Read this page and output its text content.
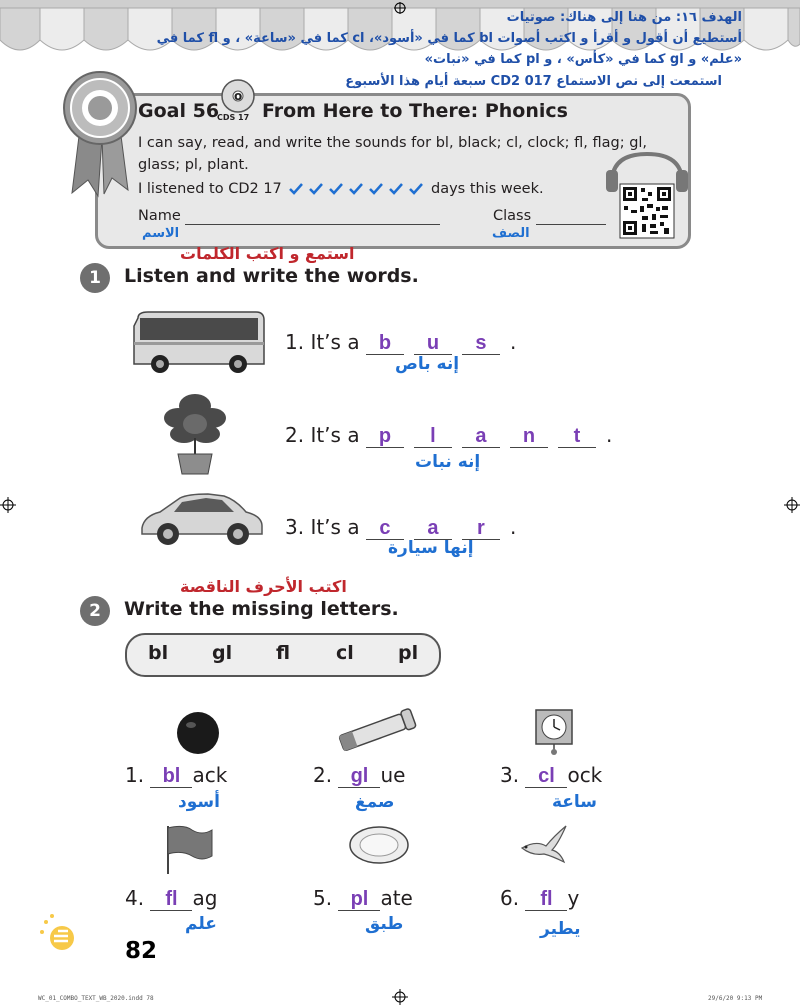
الهدف ١٦: من هنا إلى هناك: صوتيات
أستطيع أن أقول و أقرأ و اكتب أصوات bl كما في «أسود»، cl كما في «ساعة» ، و fl كما في
«علم» و gl كما في «كأس» ، و pl كما في «نبات»
استمعت إلى نص الاستماع CD2 017 سبعة أيام هذا الأسبوع
o
Goal 56
CDS 17 From Here to There: Phonics
I can say, read, and write the sounds for bl, black; cl, clock; fl, flag; gl, glass; pl, plant.
I listened to CD2 17	days this week.
Name
الاسم
Class
الصف
استمع و اكتب الكلمات
1	Listen and write the words.
1. It’s a b u s .
إنه باص
2. It’s a p l a n t .
إنه نبات
3. It’s a c a r .
إنها سيارة
اكتب الأحرف الناقصة
2	Write the missing letters.
bl gl fl cl pl
1. bl ack	2. gl ue	3. cl ock
أسود	صمغ	ساعة
4. fl ag	5. pl ate	6. fl y
علم	طبق	يطير
82
WC_01_COMBO_TEXT_WB_2020.indd 78	29/6/20 9:13 PM
